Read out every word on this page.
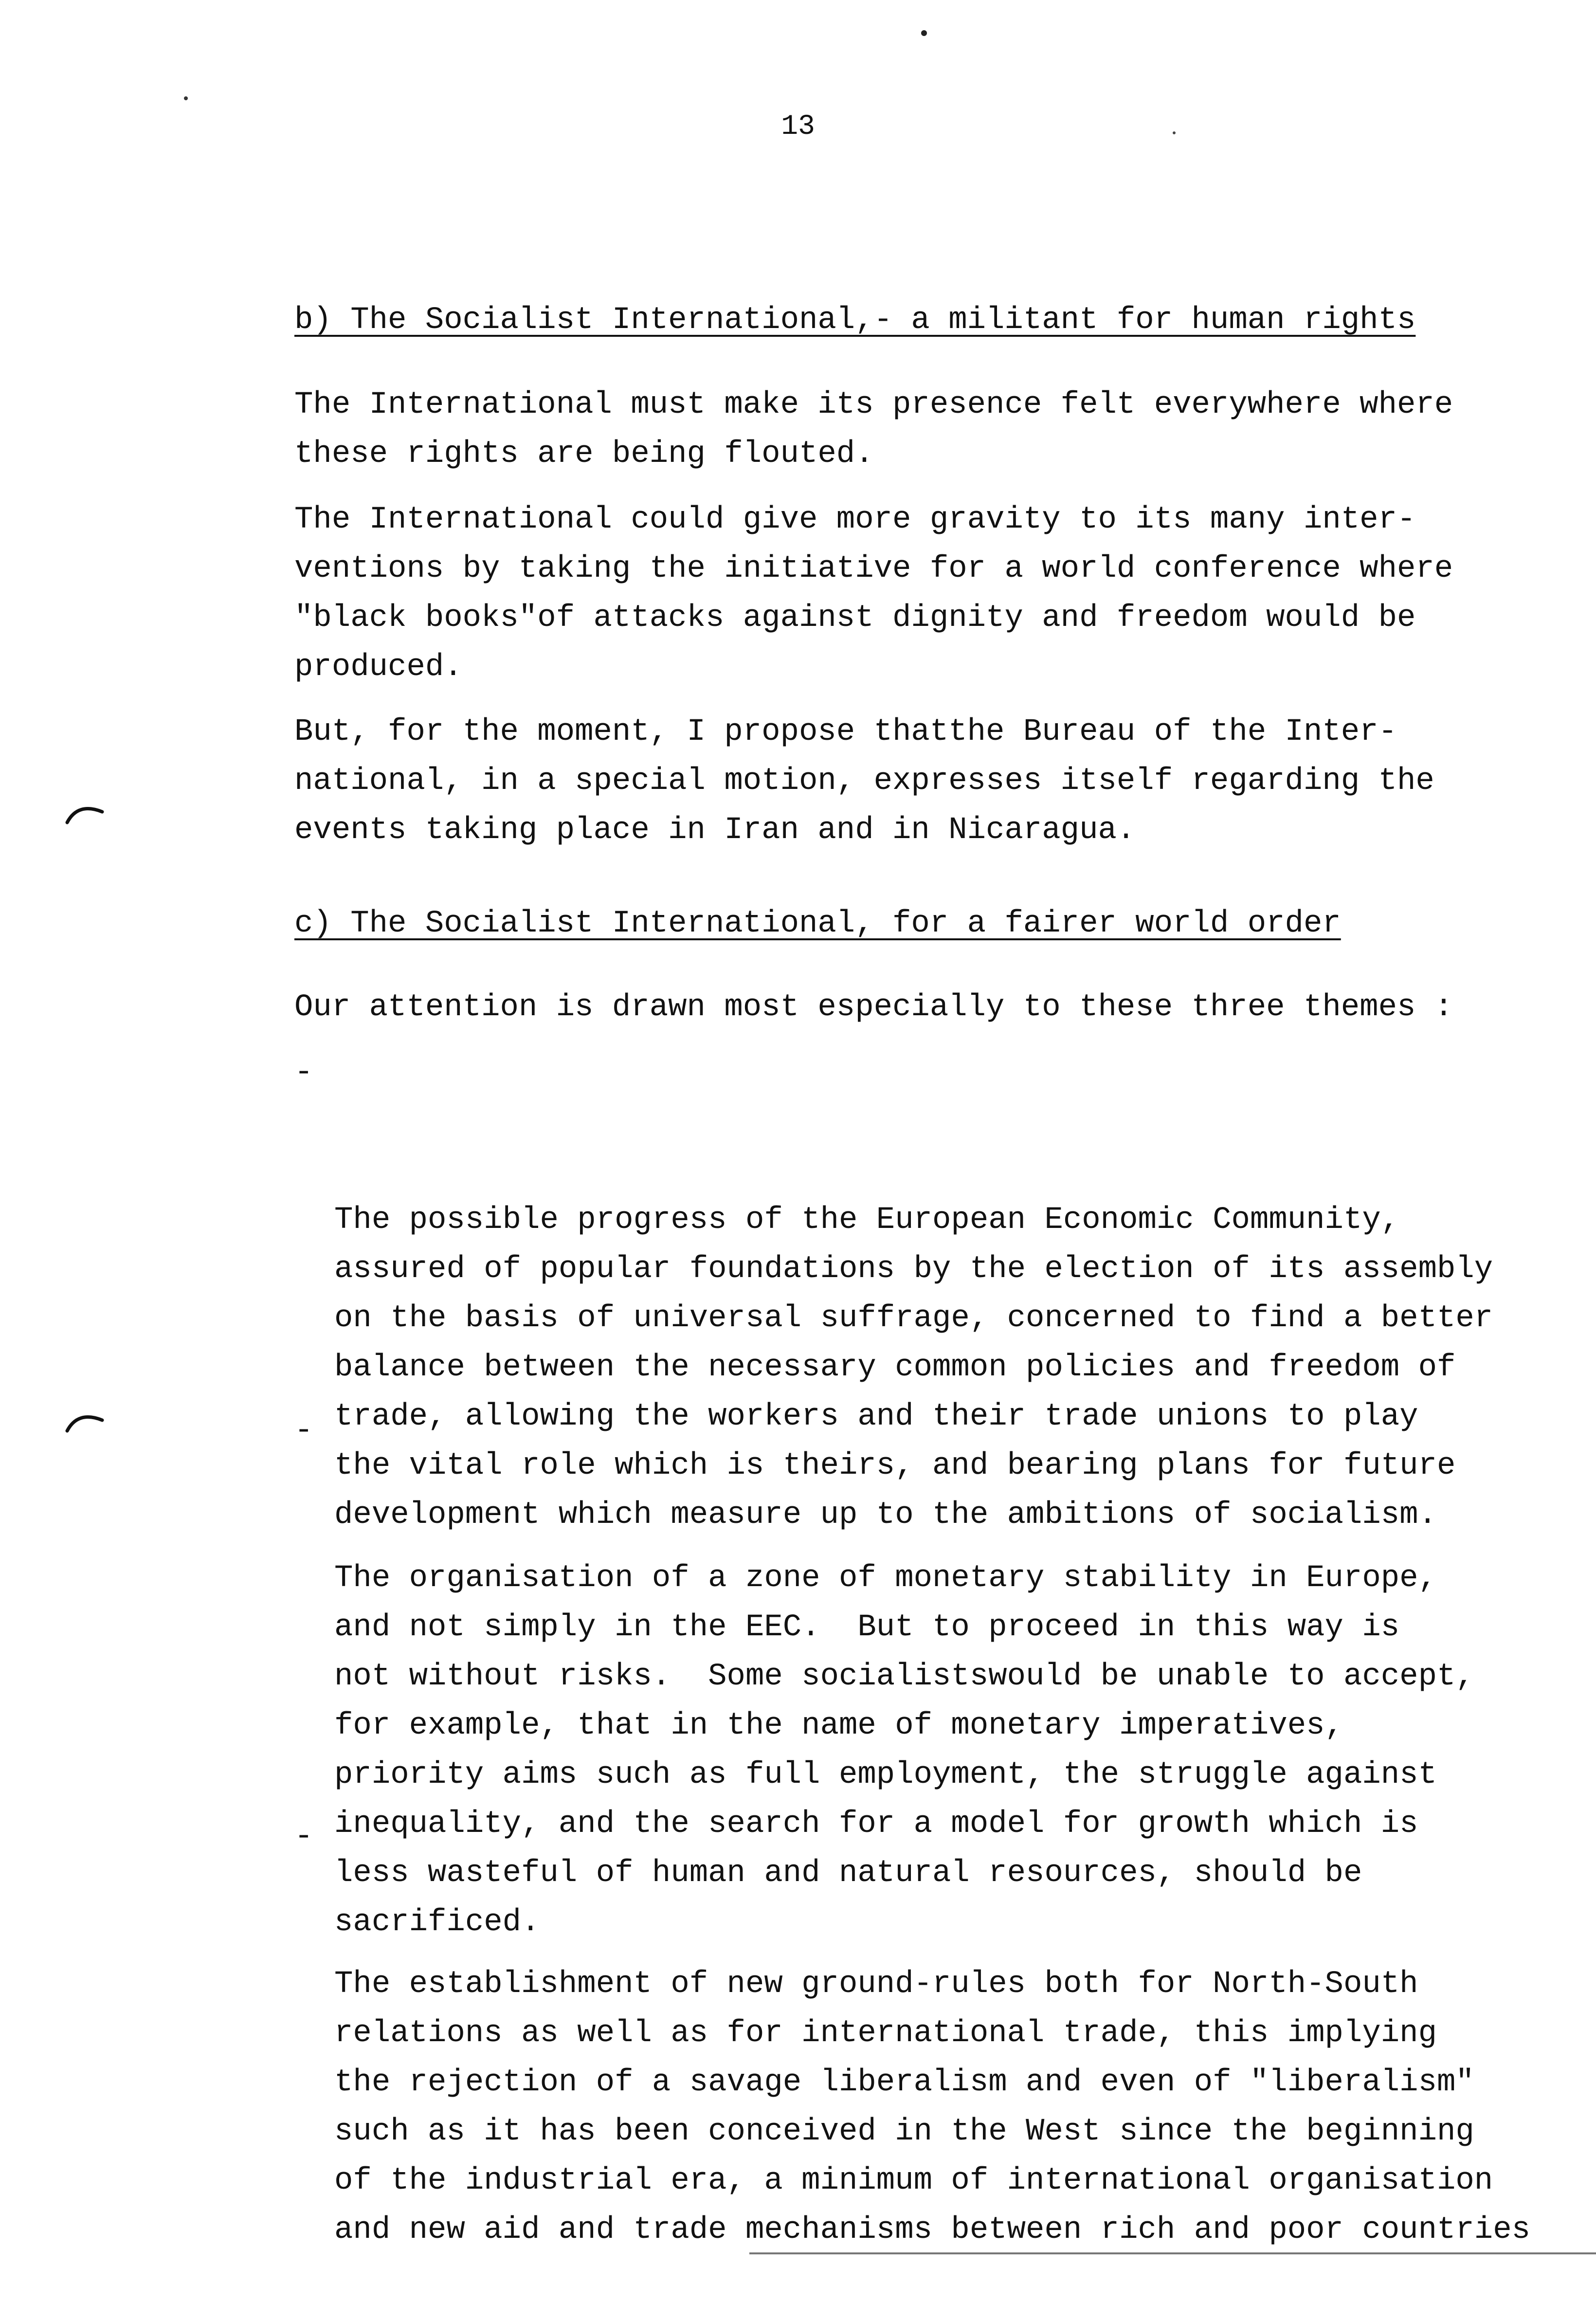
13
b) The Socialist International,- a militant for human rights

The International must make its presence felt everywhere where
these rights are being flouted.

The International could give more gravity to its many inter-
ventions by taking the initiative for a world conference where
"black books"of attacks against dignity and freedom would be
produced.

But, for the moment, I propose thatthe Bureau of the Inter-
national, in a special motion, expresses itself regarding the
events taking place in Iran and in Nicaragua.

c) The Socialist International, for a fairer world order

Our attention is drawn most especially to these three themes :

-

The possible progress of the European Economic Community,
assured of popular foundations by the election of its assembly
on the basis of universal suffrage, concerned to find a better
balance between the necessary common policies and freedom of
trade, allowing the workers and their trade unions to play
the vital role which is theirs, and bearing plans for future
development which measure up to the ambitions of socialism.

-

The organisation of a zone of monetary stability in Europe,
and not simply in the EEC.  But to proceed in this way is
not without risks.  Some socialistswould be unable to accept,
for example, that in the name of monetary imperatives,
priority aims such as full employment, the struggle against
inequality, and the search for a model for growth which is
less wasteful of human and natural resources, should be
sacrificed.

-

The establishment of new ground-rules both for North-South
relations as well as for international trade, this implying
the rejection of a savage liberalism and even of "liberalism"
such as it has been conceived in the West since the beginning
of the industrial era, a minimum of international organisation
and new aid and trade mechanisms between rich and poor countries
